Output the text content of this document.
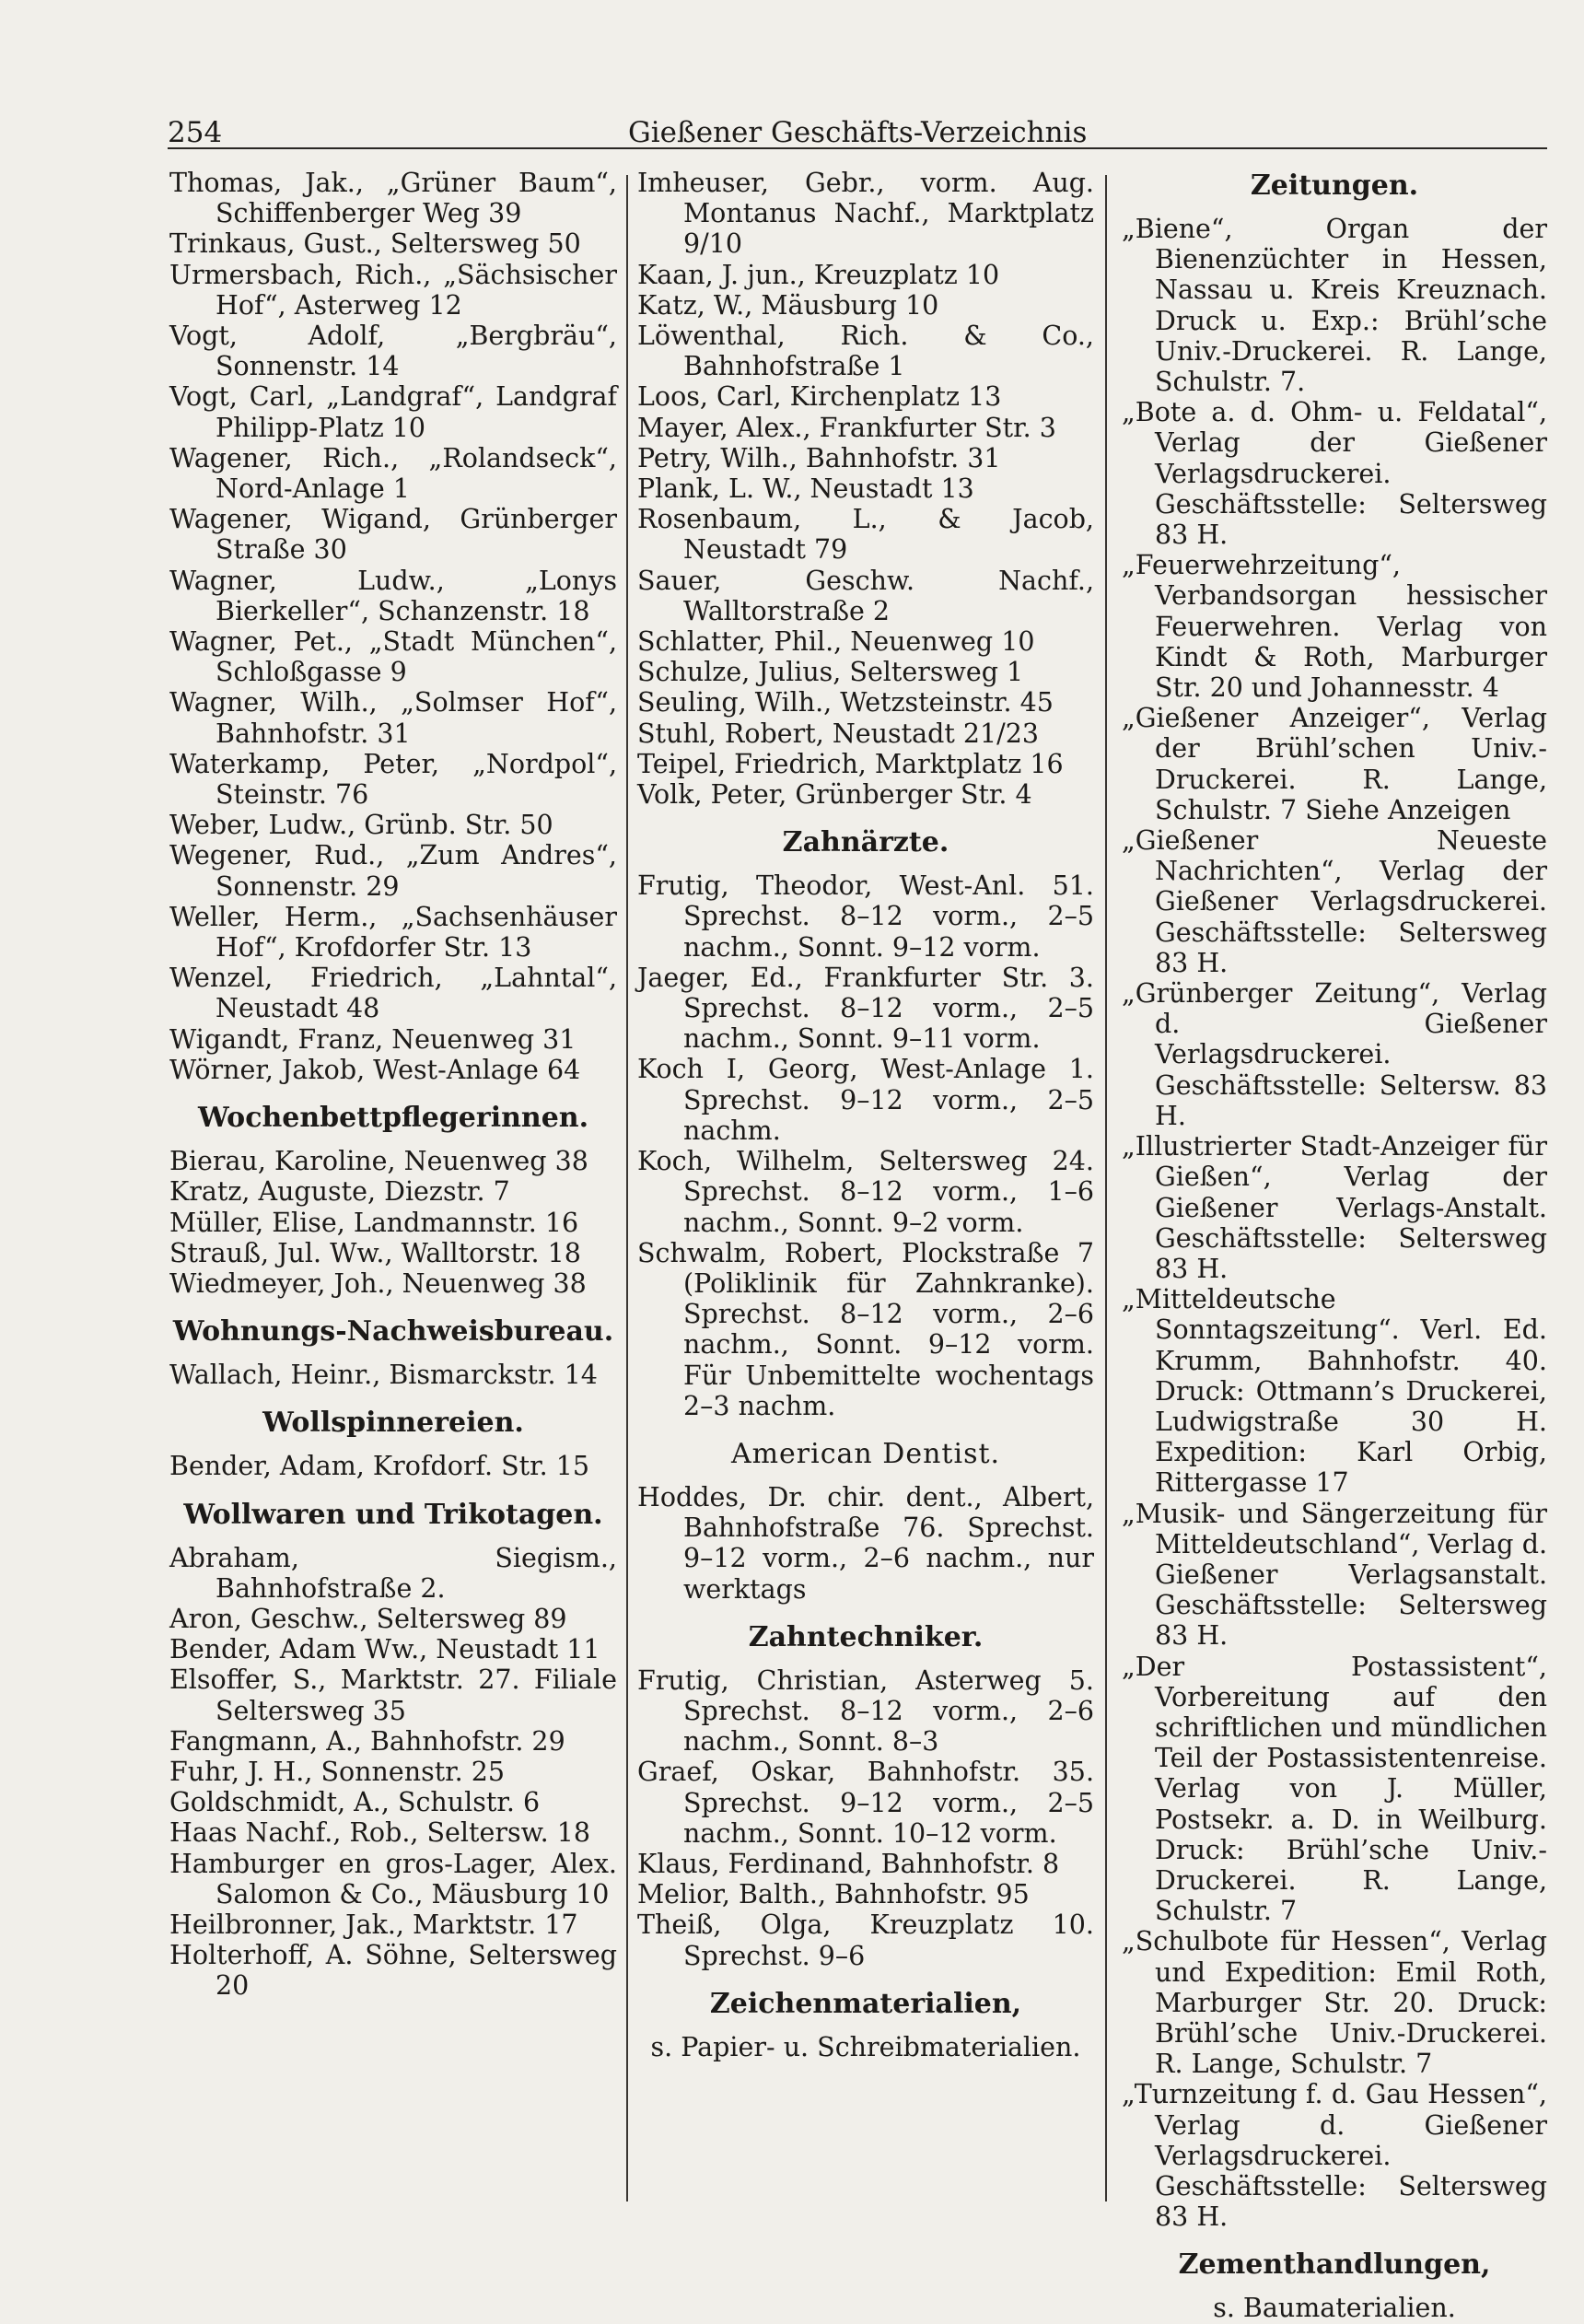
254	Gießener Geschäfts-Verzeichnis
Thomas, Jak., „Grüner Baum“, Schiffenberger Weg 39
Trinkaus, Gust., Seltersweg 50
Urmersbach, Rich., „Sächsischer Hof“, Asterweg 12
Vogt, Adolf, „Bergbräu“, Sonnenstr. 14
Vogt, Carl, „Landgraf“, Landgraf Philipp-Platz 10
Wagener, Rich., „Rolandseck“, Nord-Anlage 1
Wagener, Wigand, Grünberger Straße 30
Wagner, Ludw., „Lonys Bierkeller“, Schanzenstr. 18
Wagner, Pet., „Stadt München“, Schloßgasse 9
Wagner, Wilh., „Solmser Hof“, Bahnhofstr. 31
Waterkamp, Peter, „Nordpol“, Steinstr. 76
Weber, Ludw., Grünb. Str. 50
Wegener, Rud., „Zum Andres“, Sonnenstr. 29
Weller, Herm., „Sachsenhäuser Hof“, Krofdorfer Str. 13
Wenzel, Friedrich, „Lahntal“, Neustadt 48
Wigandt, Franz, Neuenweg 31
Wörner, Jakob, West-Anlage 64
Wochenbettpflegerinnen.
Bierau, Karoline, Neuenweg 38
Kratz, Auguste, Diezstr. 7
Müller, Elise, Landmannstr. 16
Strauß, Jul. Ww., Walltorstr. 18
Wiedmeyer, Joh., Neuenweg 38
Wohnungs-Nachweisbureau.
Wallach, Heinr., Bismarckstr. 14
Wollspinnereien.
Bender, Adam, Krofdorf. Str. 15
Wollwaren und Trikotagen.
Abraham, Siegism., Bahnhofstraße 2.
Aron, Geschw., Seltersweg 89
Bender, Adam Ww., Neustadt 11
Elsoffer, S., Marktstr. 27. Filiale Seltersweg 35
Fangmann, A., Bahnhofstr. 29
Fuhr, J. H., Sonnenstr. 25
Goldschmidt, A., Schulstr. 6
Haas Nachf., Rob., Seltersw. 18
Hamburger en gros-Lager, Alex. Salomon & Co., Mäusburg 10
Heilbronner, Jak., Marktstr. 17
Holterhoff, A. Söhne, Seltersweg 20
Imheuser, Gebr., vorm. Aug. Montanus Nachf., Marktplatz 9/10
Kaan, J. jun., Kreuzplatz 10
Katz, W., Mäusburg 10
Löwenthal, Rich. & Co., Bahnhofstraße 1
Loos, Carl, Kirchenplatz 13
Mayer, Alex., Frankfurter Str. 3
Petry, Wilh., Bahnhofstr. 31
Plank, L. W., Neustadt 13
Rosenbaum, L., & Jacob, Neustadt 79
Sauer, Geschw. Nachf., Walltorstraße 2
Schlatter, Phil., Neuenweg 10
Schulze, Julius, Seltersweg 1
Seuling, Wilh., Wetzsteinstr. 45
Stuhl, Robert, Neustadt 21/23
Teipel, Friedrich, Marktplatz 16
Volk, Peter, Grünberger Str. 4
Zahnärzte.
Frutig, Theodor, West-Anl. 51. Sprechst. 8–12 vorm., 2–5 nachm., Sonnt. 9–12 vorm.
Jaeger, Ed., Frankfurter Str. 3. Sprechst. 8–12 vorm., 2–5 nachm., Sonnt. 9–11 vorm.
Koch I, Georg, West-Anlage 1. Sprechst. 9–12 vorm., 2–5 nachm.
Koch, Wilhelm, Seltersweg 24. Sprechst. 8–12 vorm., 1–6 nachm., Sonnt. 9–2 vorm.
Schwalm, Robert, Plockstraße 7 (Poliklinik für Zahnkranke). Sprechst. 8–12 vorm., 2–6 nachm., Sonnt. 9–12 vorm. Für Unbemittelte wochentags 2–3 nachm.
American Dentist.
Hoddes, Dr. chir. dent., Albert, Bahnhofstraße 76. Sprechst. 9–12 vorm., 2–6 nachm., nur werktags
Zahntechniker.
Frutig, Christian, Asterweg 5. Sprechst. 8–12 vorm., 2–6 nachm., Sonnt. 8–3
Graef, Oskar, Bahnhofstr. 35. Sprechst. 9–12 vorm., 2–5 nachm., Sonnt. 10–12 vorm.
Klaus, Ferdinand, Bahnhofstr. 8
Melior, Balth., Bahnhofstr. 95
Theiß, Olga, Kreuzplatz 10. Sprechst. 9–6
Zeichenmaterialien,
s. Papier- u. Schreibmaterialien.
Zeitungen.
„Biene“, Organ der Bienenzüchter in Hessen, Nassau u. Kreis Kreuznach. Druck u. Exp.: Brühl’sche Univ.-Druckerei. R. Lange, Schulstr. 7.
„Bote a. d. Ohm- u. Feldatal“, Verlag der Gießener Verlagsdruckerei. Geschäftsstelle: Seltersweg 83 H.
„Feuerwehrzeitung“, Verbandsorgan hessischer Feuerwehren. Verlag von Kindt & Roth, Marburger Str. 20 und Johannesstr. 4
„Gießener Anzeiger“, Verlag der Brühl’schen Univ.-Druckerei. R. Lange, Schulstr. 7 Siehe Anzeigen
„Gießener Neueste Nachrichten“, Verlag der Gießener Verlagsdruckerei. Geschäftsstelle: Seltersweg 83 H.
„Grünberger Zeitung“, Verlag d. Gießener Verlagsdruckerei. Geschäftsstelle: Seltersw. 83 H.
„Illustrierter Stadt-Anzeiger für Gießen“, Verlag der Gießener Verlags-Anstalt. Geschäftsstelle: Seltersweg 83 H.
„Mitteldeutsche Sonntagszeitung“. Verl. Ed. Krumm, Bahnhofstr. 40. Druck: Ottmann’s Druckerei, Ludwigstraße 30 H. Expedition: Karl Orbig, Rittergasse 17
„Musik- und Sängerzeitung für Mitteldeutschland“, Verlag d. Gießener Verlagsanstalt. Geschäftsstelle: Seltersweg 83 H.
„Der Postassistent“, Vorbereitung auf den schriftlichen und mündlichen Teil der Postassistentenreise. Verlag von J. Müller, Postsekr. a. D. in Weilburg. Druck: Brühl’sche Univ.-Druckerei. R. Lange, Schulstr. 7
„Schulbote für Hessen“, Verlag und Expedition: Emil Roth, Marburger Str. 20. Druck: Brühl’sche Univ.-Druckerei. R. Lange, Schulstr. 7
„Turnzeitung f. d. Gau Hessen“, Verlag d. Gießener Verlagsdruckerei. Geschäftsstelle: Seltersweg 83 H.
Zementhandlungen,
s. Baumaterialien.
